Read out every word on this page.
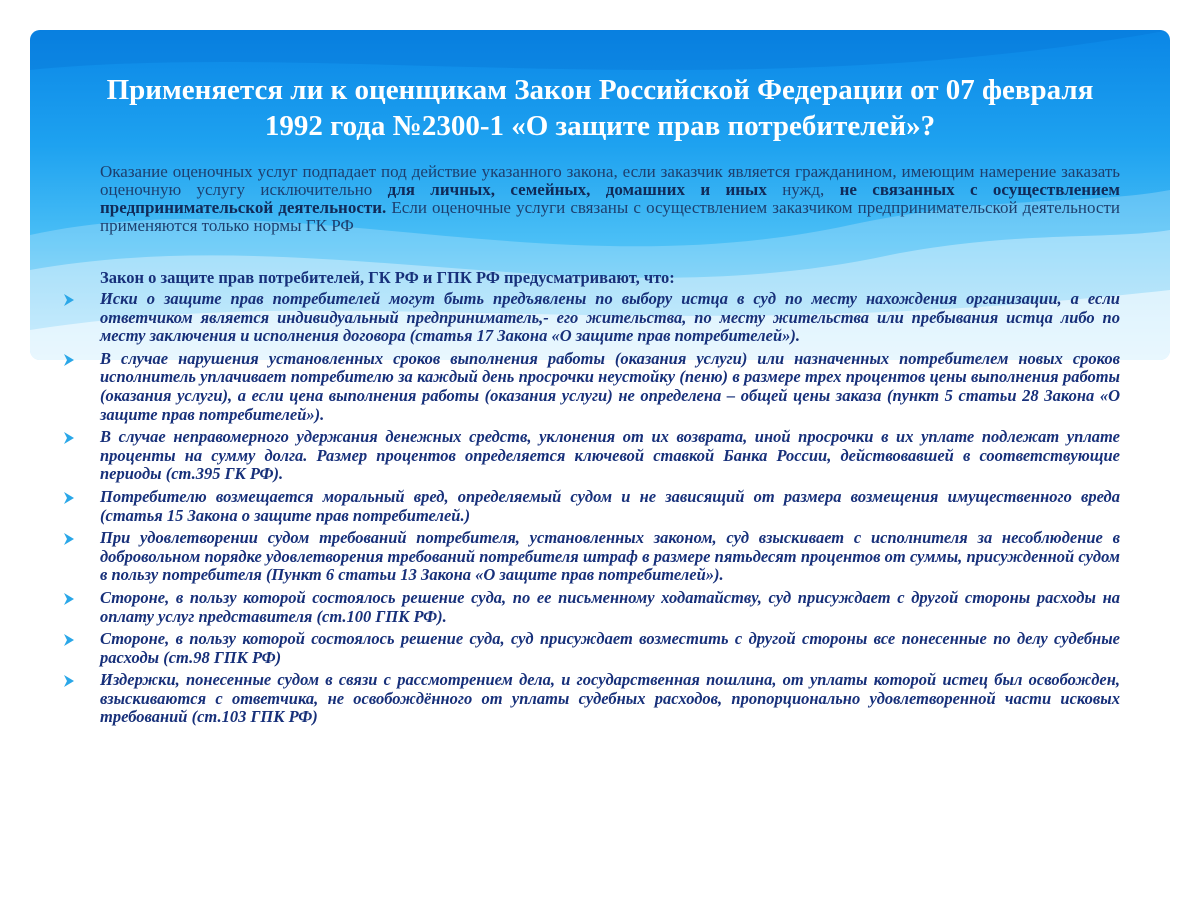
Применяется ли к оценщикам Закон Российской Федерации от 07 февраля 1992 года №2300-1 «О защите прав потребителей»?

Оказание оценочных услуг подпадает под действие указанного закона, если заказчик является гражданином, имеющим намерение заказать оценочную услугу исключительно для личных, семейных, домашних и иных нужд, не связанных с осуществлением предпринимательской деятельности. Если оценочные услуги связаны с осуществлением заказчиком предпринимательской деятельности применяются только нормы ГК РФ

Закон о защите прав потребителей, ГК РФ и ГПК РФ предусматривают, что:

Иски о защите прав потребителей могут быть предъявлены по выбору истца в суд по месту нахождения организации, а если ответчиком является индивидуальный предприниматель,- его жительства, по месту жительства или пребывания истца либо по месту заключения и исполнения договора (статья 17 Закона «О защите прав потребителей»).
В случае нарушения установленных сроков выполнения работы (оказания услуги) или назначенных потребителем новых сроков исполнитель уплачивает потребителю за каждый день просрочки неустойку (пеню) в размере трех процентов цены выполнения работы (оказания услуги), а если цена выполнения работы (оказания услуги) не определена – общей цены заказа (пункт 5 статьи 28 Закона «О защите прав потребителей»).
В случае неправомерного удержания денежных средств, уклонения от их возврата, иной просрочки в их уплате подлежат уплате проценты на сумму долга. Размер процентов определяется ключевой ставкой Банка России, действовавшей в соответствующие периоды (ст.395 ГК РФ).
Потребителю возмещается моральный вред, определяемый судом и не зависящий от размера возмещения имущественного вреда (статья 15 Закона о защите прав потребителей.)
При удовлетворении судом требований потребителя, установленных законом, суд взыскивает с исполнителя за несоблюдение в добровольном порядке удовлетворения требований потребителя штраф в размере пятьдесят процентов от суммы, присужденной судом в пользу потребителя (Пункт 6 статьи 13 Закона «О защите прав потребителей»).
Стороне, в пользу которой состоялось решение суда, по ее письменному ходатайству, суд присуждает с другой стороны расходы на оплату услуг представителя (ст.100 ГПК РФ).
Стороне, в пользу которой состоялось решение суда, суд присуждает возместить с другой стороны все понесенные по делу судебные расходы (ст.98 ГПК РФ)
Издержки, понесенные судом в связи с рассмотрением дела, и государственная пошлина, от уплаты которой истец был освобожден, взыскиваются с ответчика, не освобождённого от уплаты судебных расходов, пропорционально удовлетворенной части исковых требований (ст.103 ГПК РФ)
